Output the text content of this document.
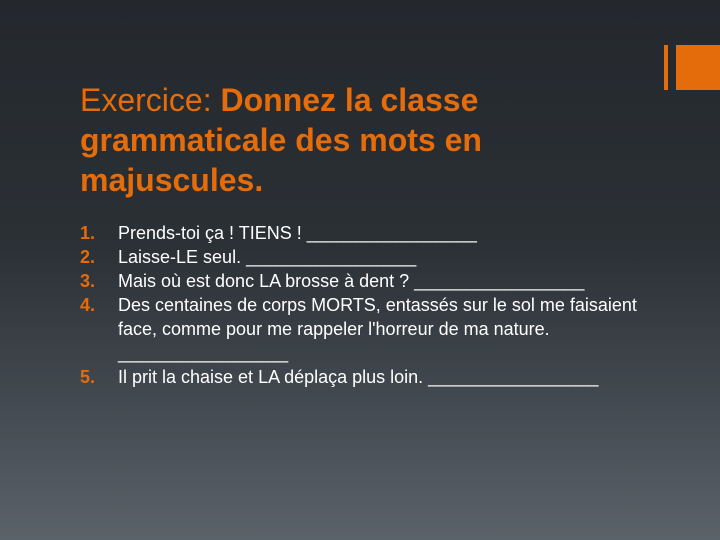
Exercice: Donnez la classe grammaticale des mots en majuscules.
1. Prends-toi ça ! TIENS ! _________________
2. Laisse-LE seul. _________________
3. Mais où est donc LA brosse à dent ? _________________
4. Des centaines de corps MORTS, entassés sur le sol me faisaient face, comme pour me rappeler l'horreur de ma nature. _________________
5. Il prit la chaise et LA déplaça plus loin. _________________
